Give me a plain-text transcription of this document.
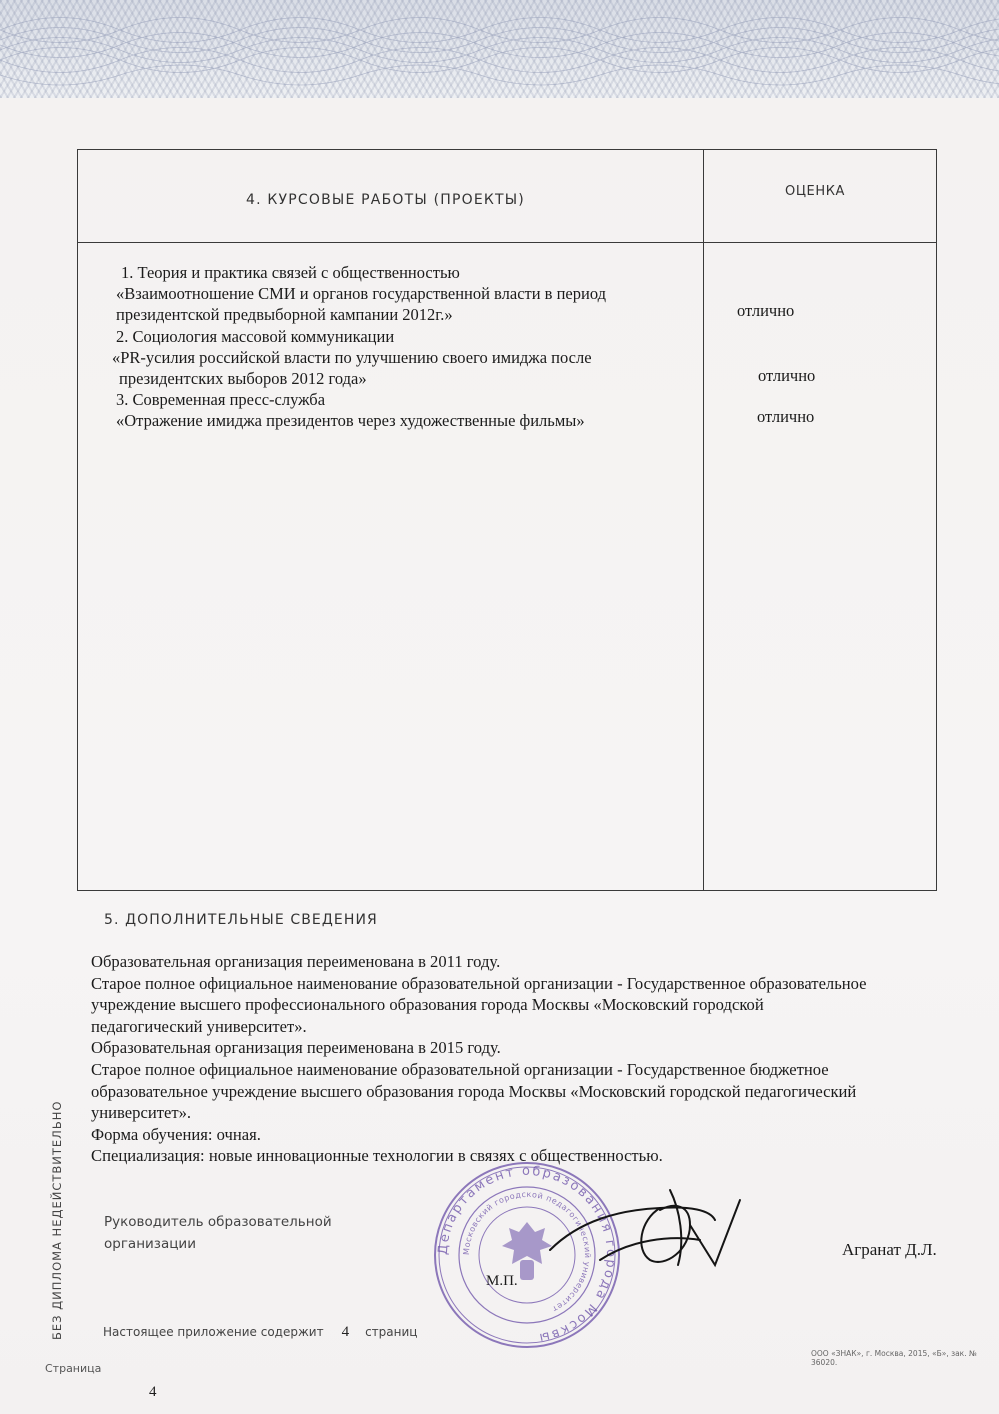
4. КУРСОВЫЕ РАБОТЫ (ПРОЕКТЫ)
ОЦЕНКА
1. Теория и практика связей с общественностью
«Взаимоотношение СМИ и органов государственной власти в период
президентской предвыборной кампании 2012г.»
2. Социология массовой коммуникации
«PR-усилия российской власти по улучшению своего имиджа после
президентских выборов 2012 года»
3. Современная пресс-служба
«Отражение имиджа президентов через художественные фильмы»
отлично
отлично
отлично
5. ДОПОЛНИТЕЛЬНЫЕ СВЕДЕНИЯ
Образовательная организация переименована в 2011 году.
Старое полное официальное наименование образовательной организации - Государственное образовательное
учреждение высшего профессионального образования города Москвы «Московский городской
педагогический университет».
Образовательная организация переименована в 2015 году.
Старое полное официальное наименование образовательной организации - Государственное бюджетное
образовательное учреждение высшего образования города Москвы «Московский городской педагогический
университет».
Форма обучения: очная.
Специализация: новые инновационные технологии в связях с общественностью.
Департамент образования города Москвы
Московский городской педагогический университет
Руководитель образовательной
организации
М.П.
Агранат Д.Л.
Настоящее приложение содержит 4 страниц
БЕЗ ДИПЛОМА НЕДЕЙСТВИТЕЛЬНО
Страница
4
ООО «ЗНАК», г. Москва, 2015, «Б», зак. № 36020.
